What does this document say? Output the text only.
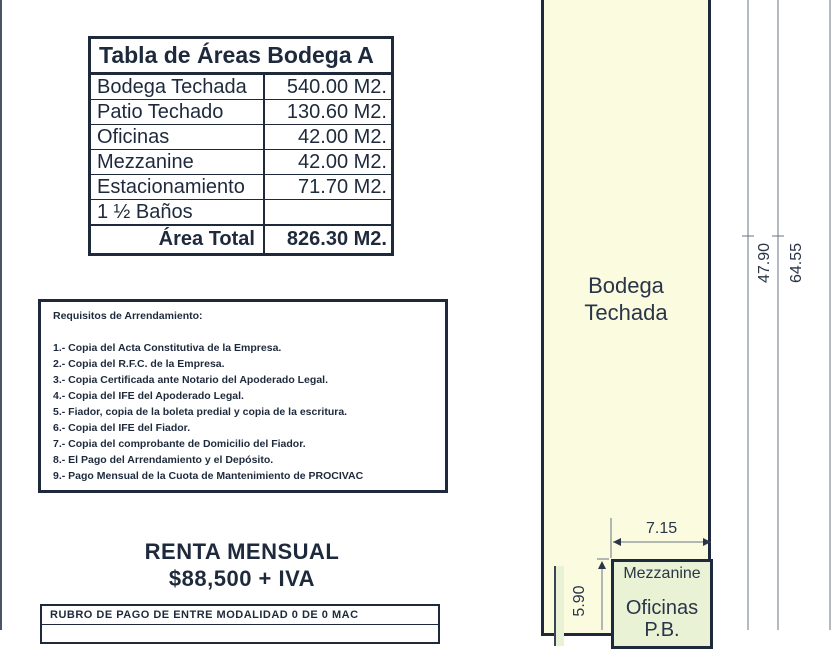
Tabla de Áreas Bodega A
Bodega Techada	540.00 M2.
Patio Techado	130.60 M2.
Oficinas	42.00 M2.
Mezzanine	42.00 M2.
Estacionamiento	71.70 M2.
1 ½ Baños
Área Total	826.30 M2.
Requisitos de Arrendamiento:
1.- Copia del Acta Constitutiva de la Empresa.
2.- Copia del R.F.C. de la Empresa.
3.- Copia Certificada ante Notario del Apoderado Legal.
4.- Copia del IFE del Apoderado Legal.
5.- Fiador, copia de la boleta predial y copia de la escritura.
6.- Copia del IFE del Fiador.
7.- Copia del comprobante de Domicilio del Fiador.
8.- El Pago del Arrendamiento y el Depósito.
9.- Pago Mensual de la Cuota de Mantenimiento de PROCIVAC
RENTA MENSUAL
$88,500 + IVA
RUBRO DE PAGO DE ENTRE MODALIDAD 0 DE 0 MAC
Bodega
Techada
Mezzanine
Oficinas
P.B.
7.15
5.90
47.90 64.55
